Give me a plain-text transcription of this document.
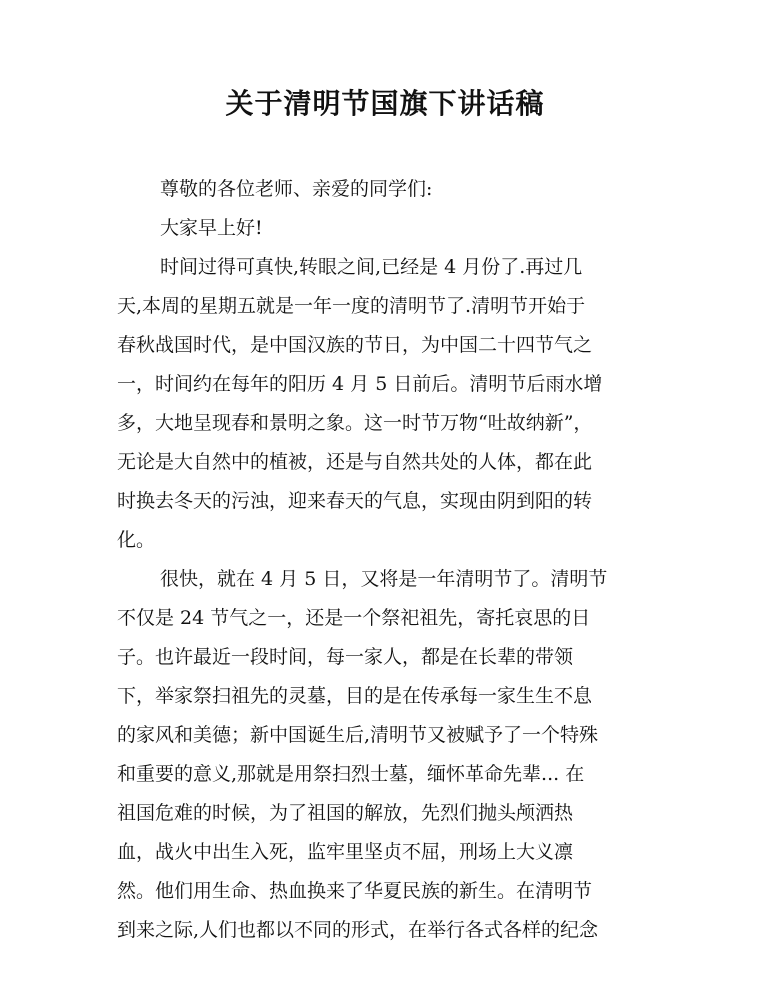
关于清明节国旗下讲话稿
尊敬的各位老师、亲爱的同学们:
大家早上好!
时间过得可真快,转眼之间,已经是 4 月份了.再过几
天,本周的星期五就是一年一度的清明节了.清明节开始于
春秋战国时代，是中国汉族的节日，为中国二十四节气之
一，时间约在每年的阳历 4 月 5 日前后。清明节后雨水增
多，大地呈现春和景明之象。这一时节万物“吐故纳新”，
无论是大自然中的植被，还是与自然共处的人体，都在此
时换去冬天的污浊，迎来春天的气息，实现由阴到阳的转
化。
很快，就在 4 月 5 日，又将是一年清明节了。清明节
不仅是 24 节气之一，还是一个祭祀祖先，寄托哀思的日
子。也许最近一段时间，每一家人，都是在长辈的带领
下，举家祭扫祖先的灵墓，目的是在传承每一家生生不息
的家风和美德；新中国诞生后,清明节又被赋予了一个特殊
和重要的意义,那就是用祭扫烈士墓，缅怀革命先辈... 在
祖国危难的时候，为了祖国的解放，先烈们抛头颅洒热
血，战火中出生入死，监牢里坚贞不屈，刑场上大义凛
然。他们用生命、热血换来了华夏民族的新生。在清明节
到来之际,人们也都以不同的形式，在举行各式各样的纪念
